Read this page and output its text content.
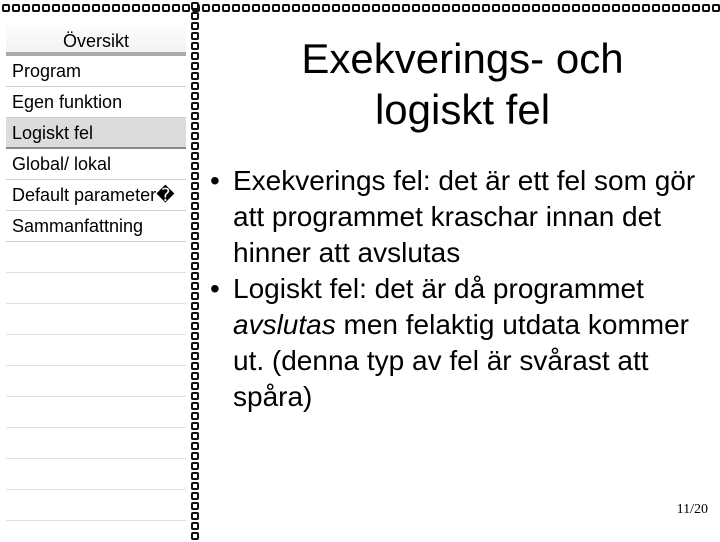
Översikt
Program
Egen funktion
Logiskt fel
Global/ lokal
Default parameter�
Sammanfattning
Exekverings- och
logiskt fel
• Exekverings fel: det är ett fel som gör att programmet kraschar innan det hinner att avslutas
• Logiskt fel: det är då programmet avslutas men felaktig utdata kommer ut. (denna typ av fel är svårast att spåra)
11/20
